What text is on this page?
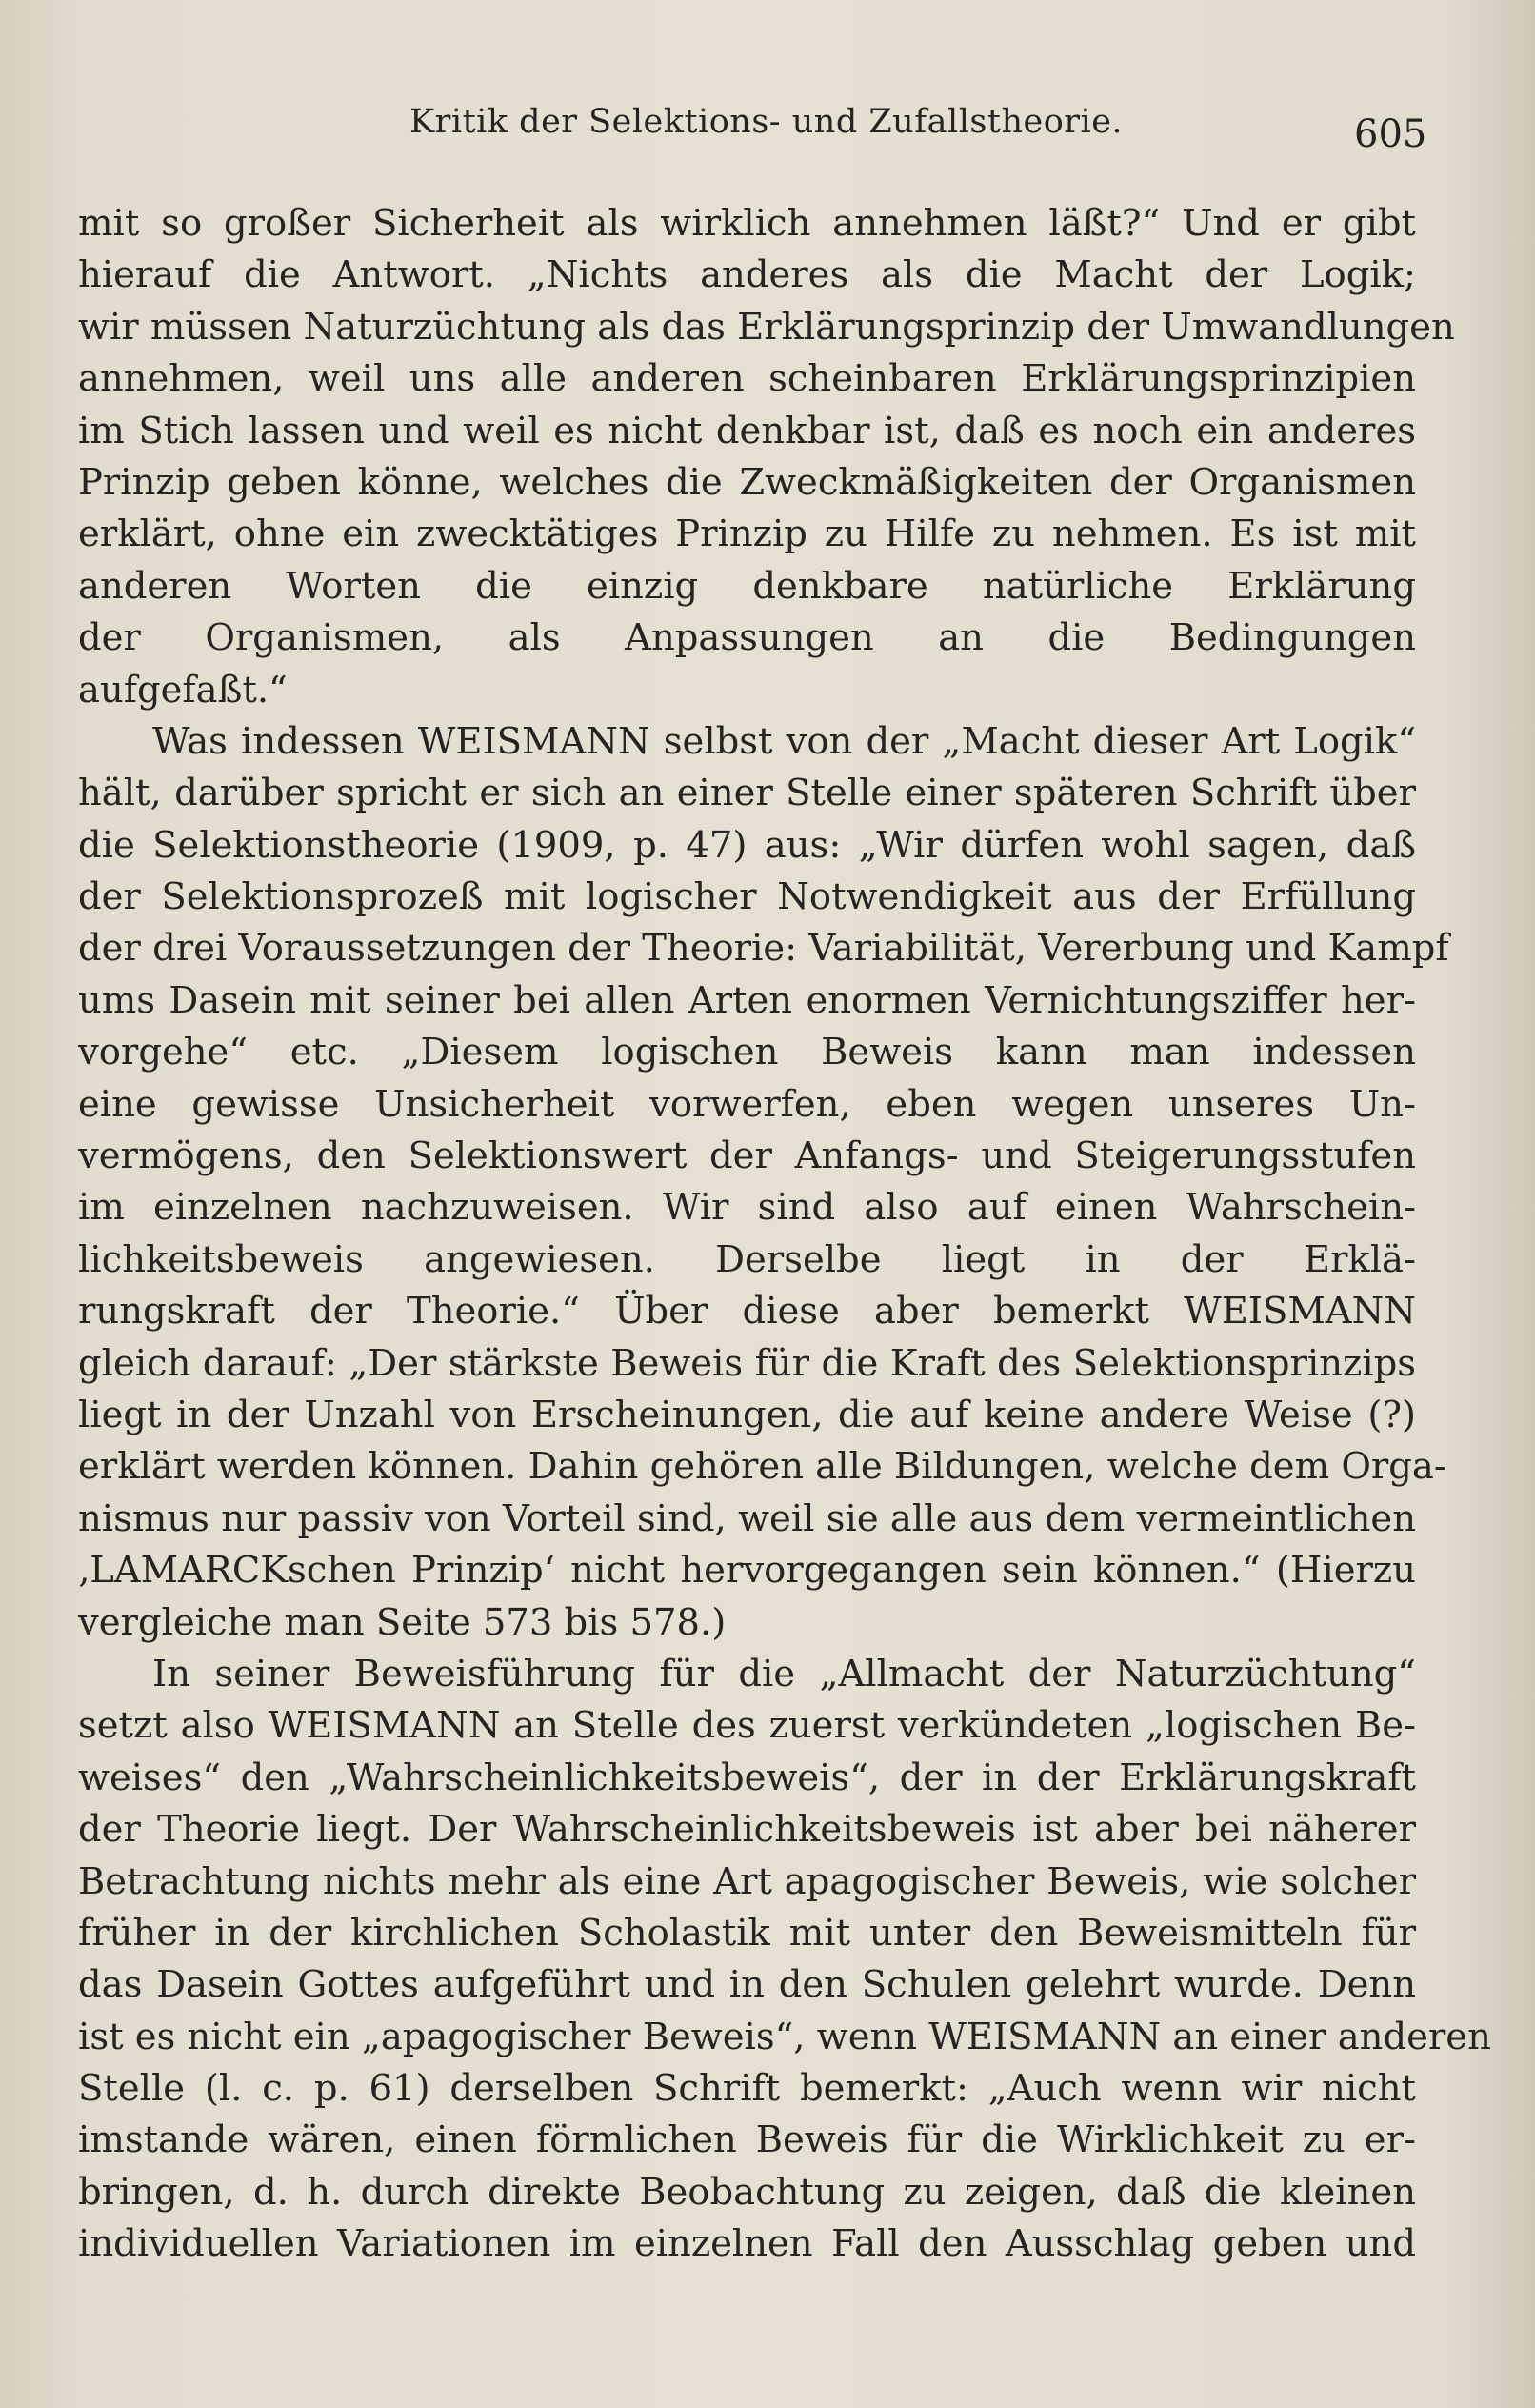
Kritik der Selektions- und Zufallstheorie.	605
mit so großer Sicherheit als wirklich annehmen läßt?“ Und er gibt
hierauf die Antwort. „Nichts anderes als die Macht der Logik;
wir müssen Naturzüchtung als das Erklärungsprinzip der Umwandlungen
annehmen, weil uns alle anderen scheinbaren Erklärungsprinzipien
im Stich lassen und weil es nicht denkbar ist, daß es noch ein anderes
Prinzip geben könne, welches die Zweckmäßigkeiten der Organismen
erklärt, ohne ein zwecktätiges Prinzip zu Hilfe zu nehmen. Es ist mit
anderen Worten die einzig denkbare natürliche Erklärung
der Organismen, als Anpassungen an die Bedingungen
aufgefaßt.“
Was indessen WEISMANN selbst von der „Macht dieser Art Logik“
hält, darüber spricht er sich an einer Stelle einer späteren Schrift über
die Selektionstheorie (1909, p. 47) aus: „Wir dürfen wohl sagen, daß
der Selektionsprozeß mit logischer Notwendigkeit aus der Erfüllung
der drei Voraussetzungen der Theorie: Variabilität, Vererbung und Kampf
ums Dasein mit seiner bei allen Arten enormen Vernichtungsziffer her-
vorgehe“ etc. „Diesem logischen Beweis kann man indessen
eine gewisse Unsicherheit vorwerfen, eben wegen unseres Un-
vermögens, den Selektionswert der Anfangs- und Steigerungsstufen
im einzelnen nachzuweisen. Wir sind also auf einen Wahrschein-
lichkeitsbeweis angewiesen. Derselbe liegt in der Erklä-
rungskraft der Theorie.“ Über diese aber bemerkt WEISMANN
gleich darauf: „Der stärkste Beweis für die Kraft des Selektionsprinzips
liegt in der Unzahl von Erscheinungen, die auf keine andere Weise (?)
erklärt werden können. Dahin gehören alle Bildungen, welche dem Orga-
nismus nur passiv von Vorteil sind, weil sie alle aus dem vermeintlichen
‚LAMARCKschen Prinzip‘ nicht hervorgegangen sein können.“ (Hierzu
vergleiche man Seite 573 bis 578.)
In seiner Beweisführung für die „Allmacht der Naturzüchtung“
setzt also WEISMANN an Stelle des zuerst verkündeten „logischen Be-
weises“ den „Wahrscheinlichkeitsbeweis“, der in der Erklärungskraft
der Theorie liegt. Der Wahrscheinlichkeitsbeweis ist aber bei näherer
Betrachtung nichts mehr als eine Art apagogischer Beweis, wie solcher
früher in der kirchlichen Scholastik mit unter den Beweismitteln für
das Dasein Gottes aufgeführt und in den Schulen gelehrt wurde. Denn
ist es nicht ein „apagogischer Beweis“, wenn WEISMANN an einer anderen
Stelle (l. c. p. 61) derselben Schrift bemerkt: „Auch wenn wir nicht
imstande wären, einen förmlichen Beweis für die Wirklichkeit zu er-
bringen, d. h. durch direkte Beobachtung zu zeigen, daß die kleinen
individuellen Variationen im einzelnen Fall den Ausschlag geben und
